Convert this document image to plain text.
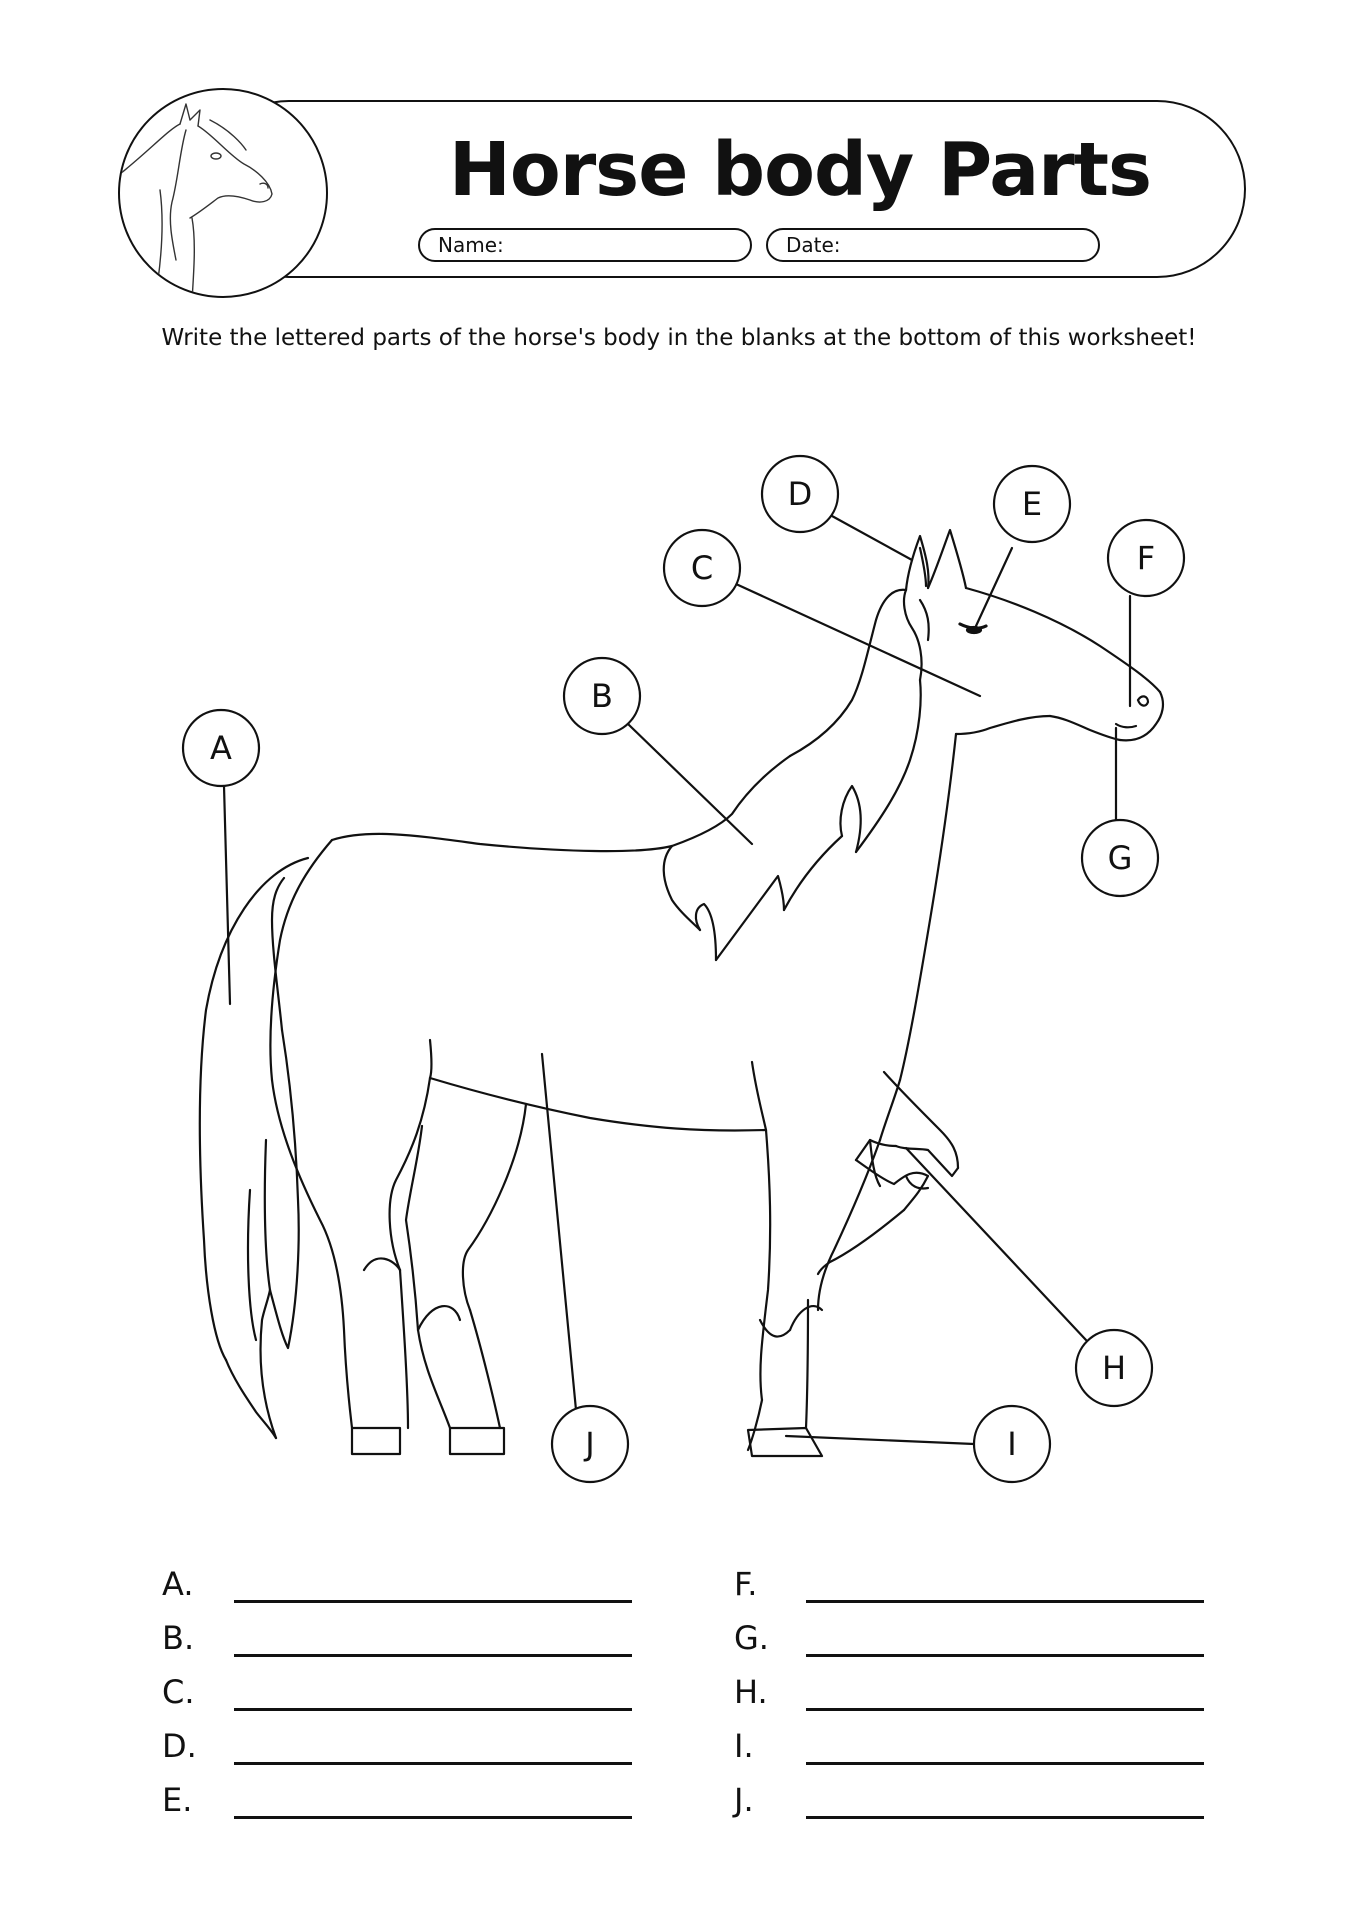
Horse body Parts
Name:	Date:
Write the lettered parts of the horse's body in the blanks at the bottom of this worksheet!
A
B
C
D	E
F
G
H
I
J
A.
B.
C.
D.
E.
F.
G.
H.
I.
J.
